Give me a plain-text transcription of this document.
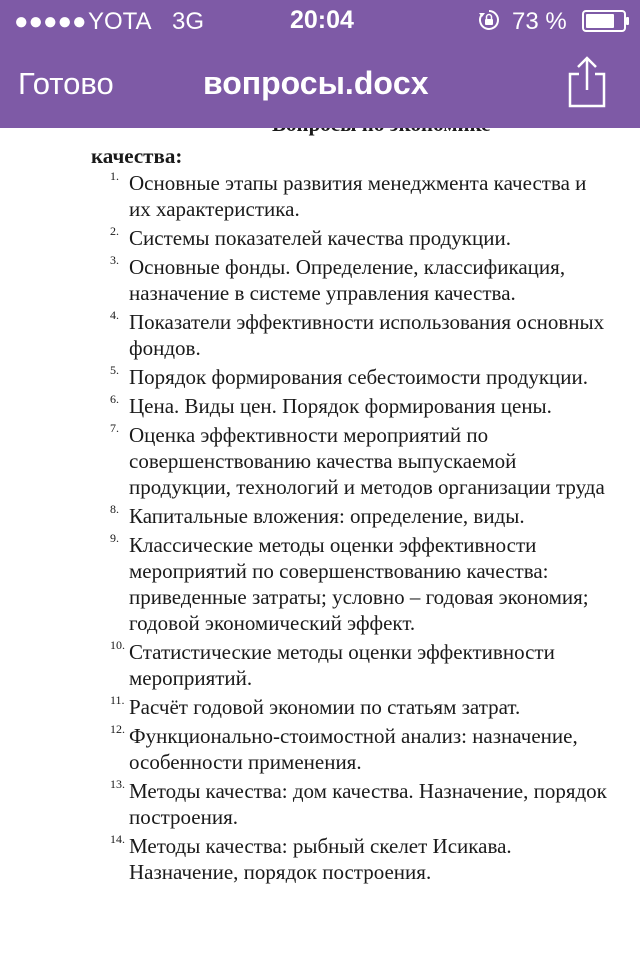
качества:
1. Основные этапы развития менеджмента качества и их характеристика.
2. Системы показателей качества продукции.
3. Основные фонды. Определение, классификация, назначение в системе управления качества.
4. Показатели эффективности использования основных фондов.
5. Порядок формирования себестоимости продукции.
6. Цена. Виды цен. Порядок формирования цены.
7. Оценка эффективности мероприятий по совершенствованию качества выпускаемой продукции, технологий и методов организации труда
8. Капитальные вложения: определение, виды.
9. Классические методы оценки эффективности мероприятий по совершенствованию качества: приведенные затраты; условно – годовая экономия; годовой экономический эффект.
10. Статистические методы оценки эффективности мероприятий.
11. Расчёт годовой экономии по статьям затрат.
12. Функционально-стоимостной анализ: назначение, особенности применения.
13. Методы качества: дом качества. Назначение, порядок построения.
14. Методы качества: рыбный скелет Исикава. Назначение, порядок построения.
●●●●● YOTA 3G	20:04	73 %
Готово	вопросы.docx
